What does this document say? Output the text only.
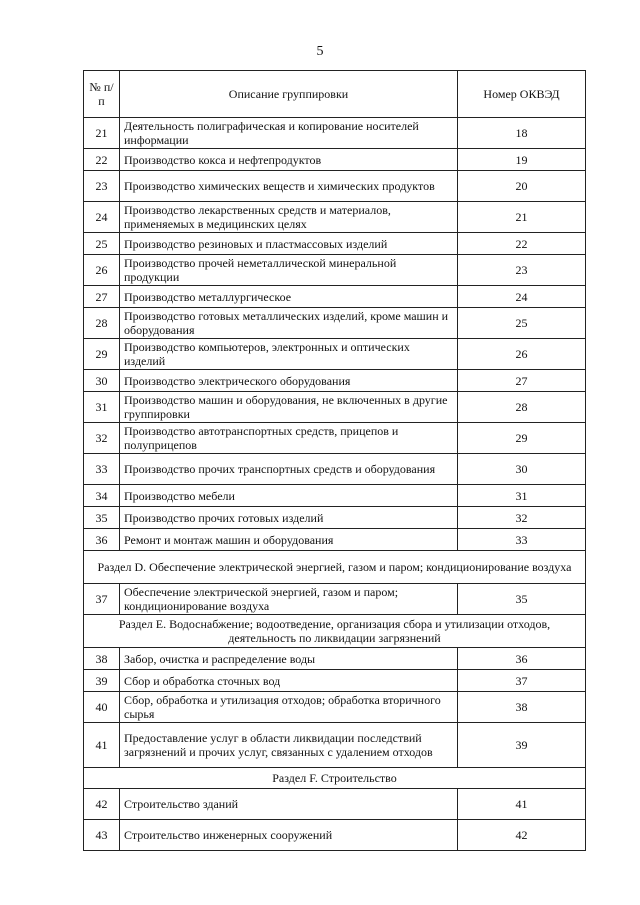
5
№ п/п	Описание группировки	Номер ОКВЭД
21	Деятельность полиграфическая и копирование носителей информации	18
22	Производство кокса и нефтепродуктов	19
23	Производство химических веществ и химических продуктов	20
24	Производство лекарственных средств и материалов, применяемых в медицинских целях	21
25	Производство резиновых и пластмассовых изделий	22
26	Производство прочей неметаллической минеральной продукции	23
27	Производство металлургическое	24
28	Производство готовых металлических изделий, кроме машин и оборудования	25
29	Производство компьютеров, электронных и оптических изделий	26
30	Производство электрического оборудования	27
31	Производство машин и оборудования, не включенных в другие группировки	28
32	Производство автотранспортных средств, прицепов и полуприцепов	29
33	Производство прочих транспортных средств и оборудования	30
34	Производство мебели	31
35	Производство прочих готовых изделий	32
36	Ремонт и монтаж машин и оборудования	33
Раздел D. Обеспечение электрической энергией, газом и паром; кондиционирование воздуха		
37	Обеспечение электрической энергией, газом и паром; кондиционирование воздуха	35
Раздел E. Водоснабжение; водоотведение, организация сбора и утилизации отходов, деятельность по ликвидации загрязнений		
38	Забор, очистка и распределение воды	36
39	Сбор и обработка сточных вод	37
40	Сбор, обработка и утилизация отходов; обработка вторичного сырья	38
41	Предоставление услуг в области ликвидации последствий загрязнений и прочих услуг, связанных с удалением отходов	39
Раздел F. Строительство		
42	Строительство зданий	41
43	Строительство инженерных сооружений	42
